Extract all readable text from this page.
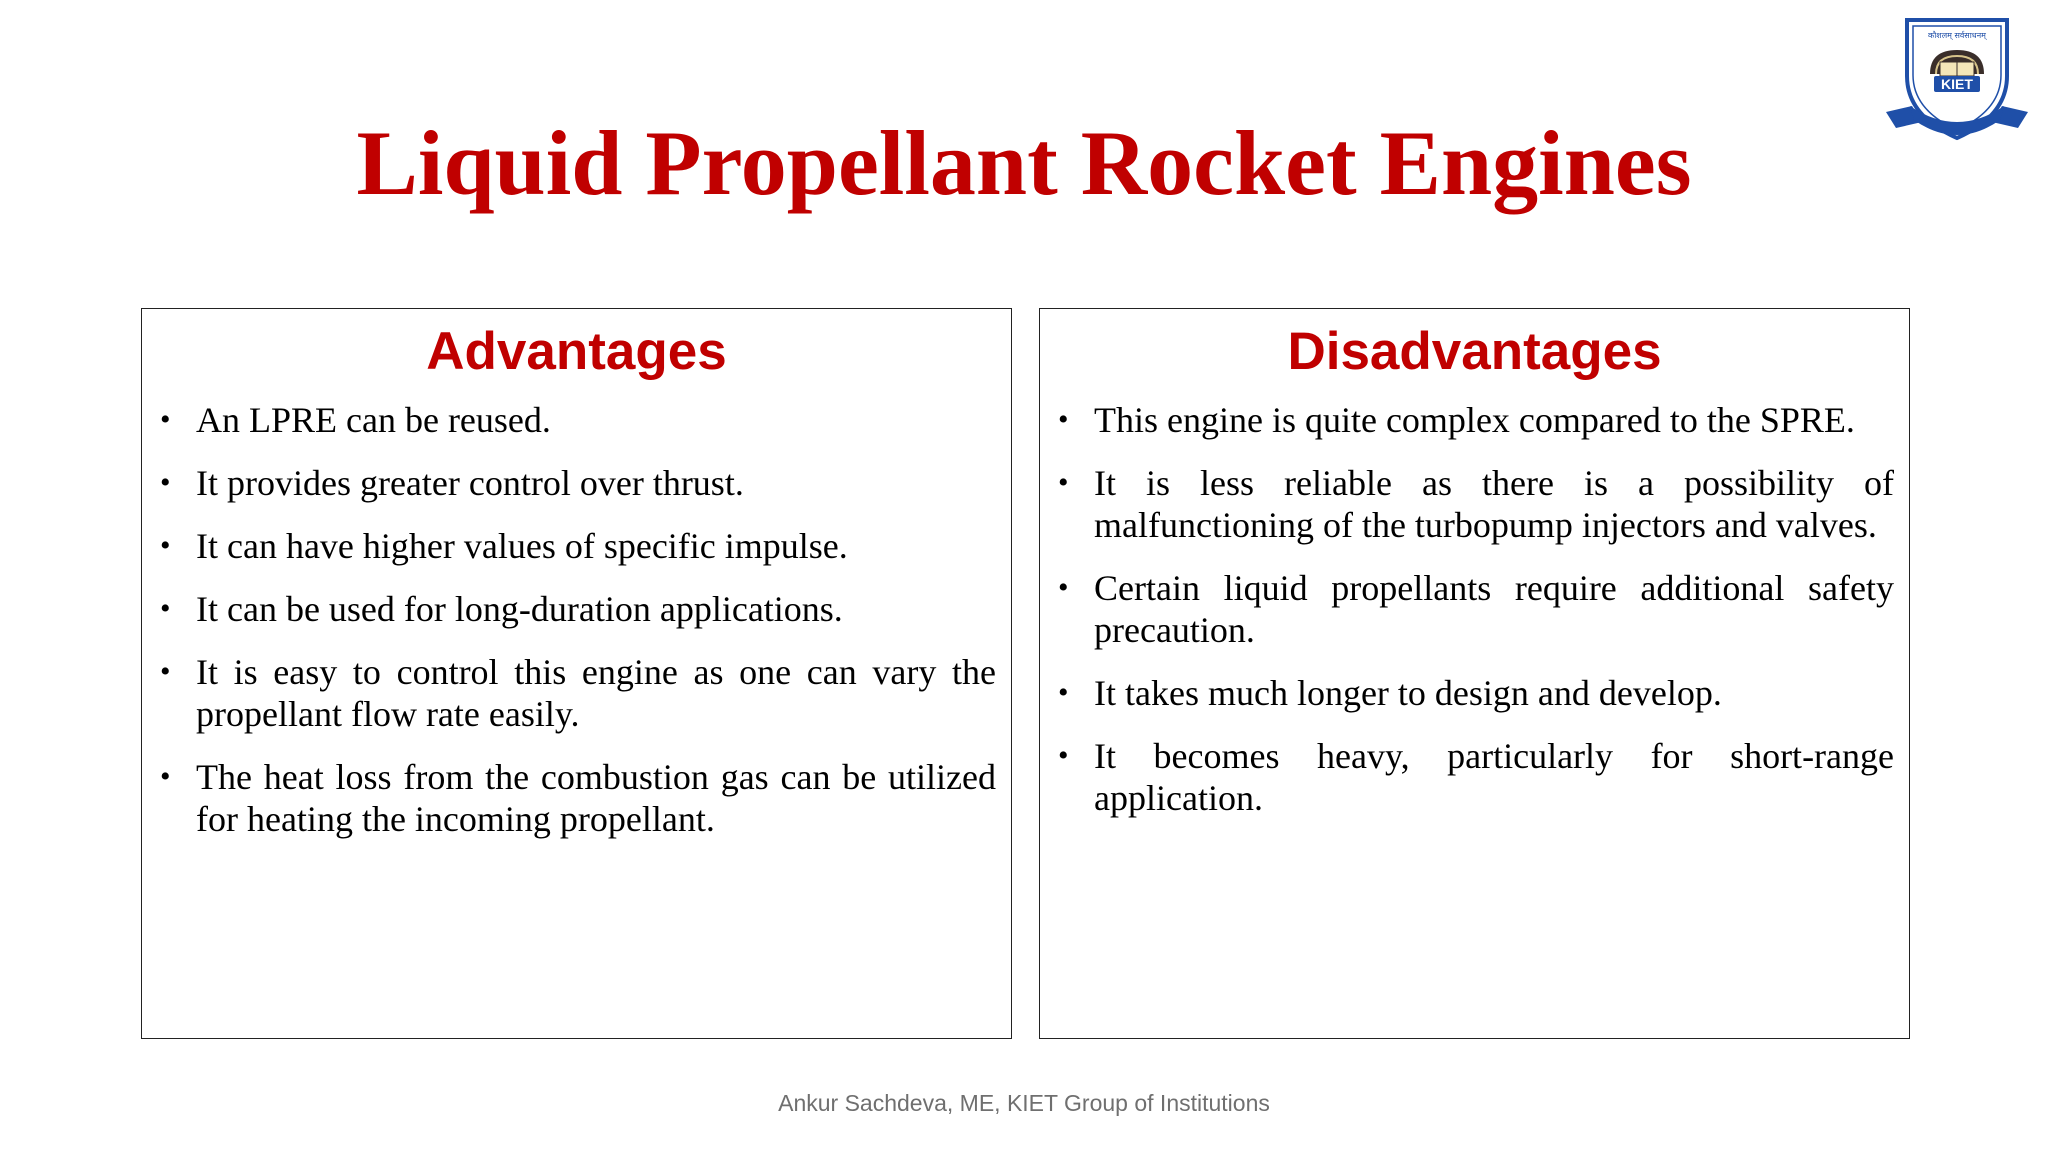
Liquid Propellant Rocket Engines
KIET
कौशलम् सर्वसाधनम्
Advantages
• An LPRE can be reused.
• It provides greater control over thrust.
• It can have higher values of specific impulse.
• It can be used for long-duration applications.
• It is easy to control this engine as one can vary the propellant flow rate easily.
• The heat loss from the combustion gas can be utilized for heating the incoming propellant.
Disadvantages
• This engine is quite complex compared to the SPRE.
• It is less reliable as there is a possibility of malfunctioning of the turbopump injectors and valves.
• Certain liquid propellants require additional safety precaution.
• It takes much longer to design and develop.
• It becomes heavy, particularly for short-range application.
Ankur Sachdeva, ME, KIET Group of Institutions
